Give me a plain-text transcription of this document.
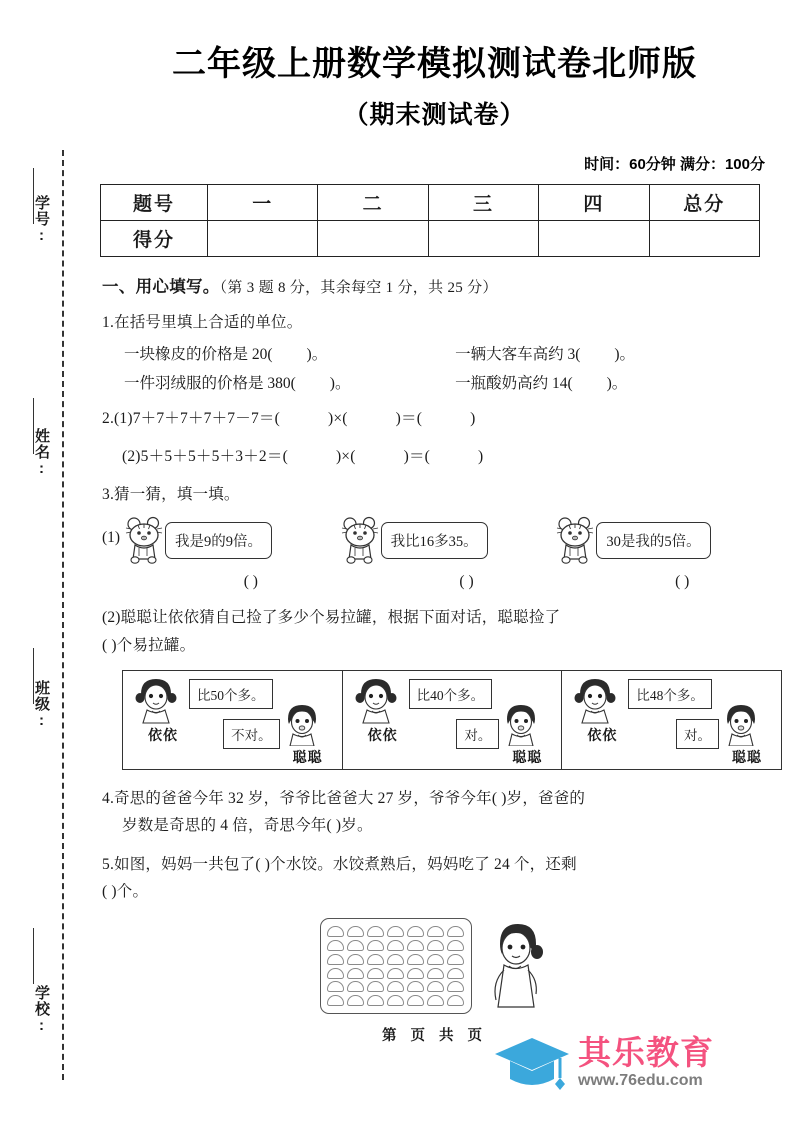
学号:
姓名:
班级:
学校:
二年级上册数学模拟测试卷北师版
（期末测试卷）
时间：60分钟 满分：100分
题号	一	二	三	四	总分
得分					
一、用心填写。（第 3 题 8 分，其余每空 1 分，共 25 分）
1.在括号里填上合适的单位。
一块橡皮的价格是 20( )。	一辆大客车高约 3( )。
一件羽绒服的价格是 380( )。	一瓶酸奶高约 14( )。
2.(1)7＋7＋7＋7＋7－7＝(	)×(	)＝(	)
(2)5＋5＋5＋5＋3＋2＝(	)×(	)＝(	)
3.猜一猜，填一填。
(1)	我是9的9倍。
( )
我比16多35。
( )
30是我的5倍。
( )
(2)聪聪让依依猜自己捡了多少个易拉罐，根据下面对话，聪聪捡了
( )个易拉罐。
依依
比50个多。
不对。
聪聪
依依
比40个多。
对。
聪聪
依依
比48个多。
对。
聪聪
4.奇思的爸爸今年 32 岁，爷爷比爸爸大 27 岁，爷爷今年( )岁，爸爸的
岁数是奇思的 4 倍，奇思今年( )岁。
5.如图，妈妈一共包了( )个水饺。水饺煮熟后，妈妈吃了 24 个，还剩
( )个。
第 页 共 页	其乐教育
www.76edu.com
